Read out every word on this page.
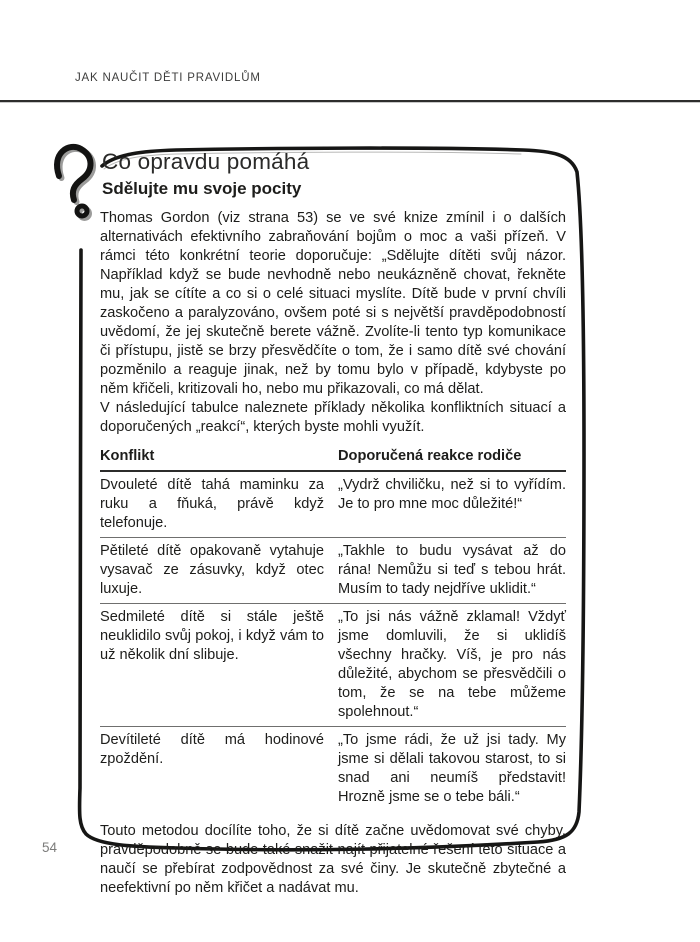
JAK NAUČIT DĚTI PRAVIDLŮM
Co opravdu pomáhá
Sdělujte mu svoje pocity

Thomas Gordon (viz strana 53) se ve své knize zmínil i o dalších alternativách efektivního zabraňování bojům o moc a vaši přízeň. V rámci této konkrétní teorie doporučuje: „Sdělujte dítěti svůj názor. Například když se bude nevhodně nebo neukázněně chovat, řekněte mu, jak se cítíte a co si o celé situaci myslíte. Dítě bude v první chvíli zaskočeno a paralyzováno, ovšem poté si s největší pravděpodobností uvědomí, že jej skutečně berete vážně. Zvolíte-li tento typ komunikace či přístupu, jistě se brzy přesvědčíte o tom, že i samo dítě své chování pozměnilo a reaguje jinak, než by tomu bylo v případě, kdybyste po něm křičeli, kritizovali ho, nebo mu přikazovali, co má dělat.

V následující tabulce naleznete příklady několika konfliktních situací a doporučených „reakcí“, kterých byste mohli využít.

Konflikt	Doporučená reakce rodiče
Dvouleté dítě tahá maminku za ruku a fňuká, právě když telefonuje.	„Vydrž chviličku, než si to vyřídím. Je to pro mne moc důležité!“
Pětileté dítě opakovaně vytahuje vysavač ze zásuvky, když otec luxuje.	„Takhle to budu vysávat až do rána! Nemůžu si teď s tebou hrát. Musím to tady nejdříve uklidit.“
Sedmileté dítě si stále ještě neuklidilo svůj pokoj, i když vám to už několik dní slibuje.	„To jsi nás vážně zklamal! Vždyť jsme domluvili, že si uklidíš všechny hračky. Víš, je pro nás důležité, abychom se přesvědčili o tom, že se na tebe můžeme spolehnout.“
Devítileté dítě má hodinové zpoždění.	„To jsme rádi, že už jsi tady. My jsme si dělali takovou starost, to si snad ani neumíš představit! Hrozně jsme se o tebe báli.“

Touto metodou docílíte toho, že si dítě začne uvědomovat své chyby, pravděpodobně se bude také snažit najít přijatelné řešení této situace a naučí se přebírat zodpovědnost za své činy. Je skutečně zbytečné a neefektivní po něm křičet a nadávat mu.

54
